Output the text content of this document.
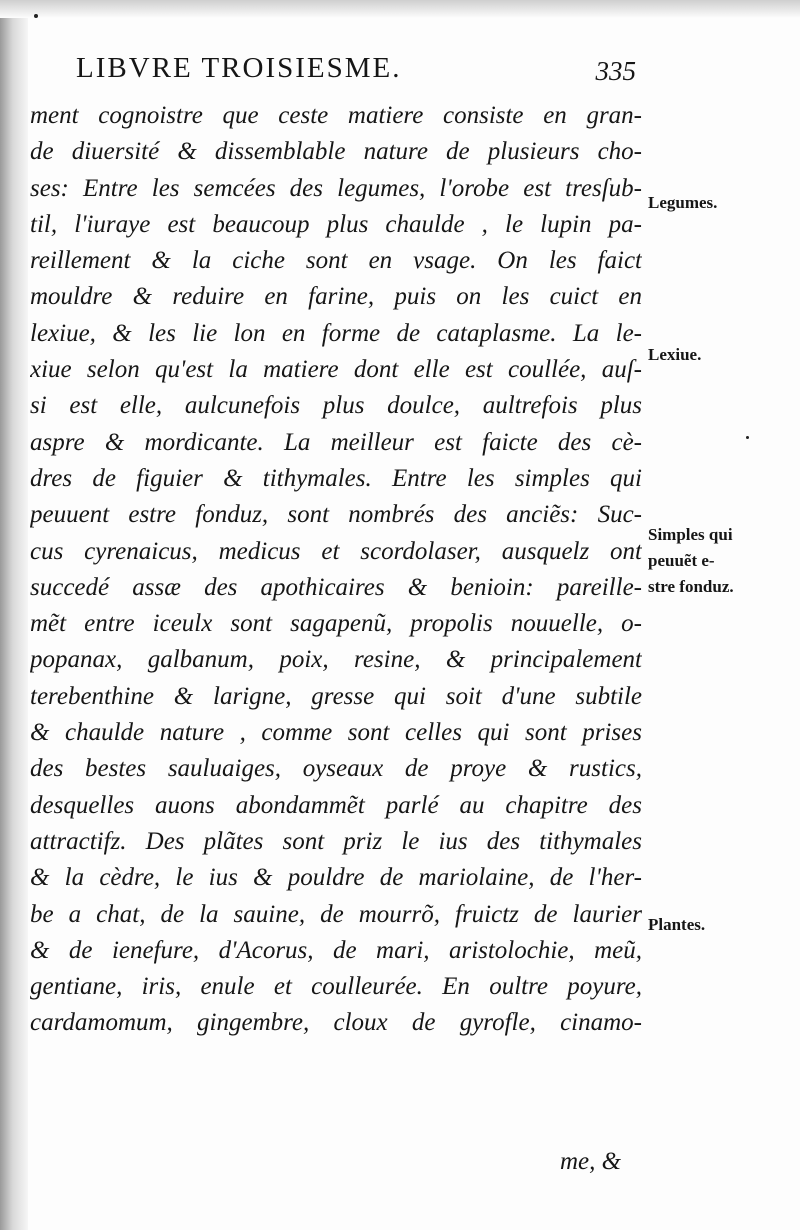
LIBVRE TROISIESME.	335
ment cognoistre que ceste matiere consiste en gran-
de diuersité & dissemblable nature de plusieurs cho-
ses: Entre les semcées des legumes, l'orobe est tresſub-
til, l'iuraye est beaucoup plus chaulde , le lupin pa-
reillement & la ciche sont en vsage. On les faict
mouldre & reduire en farine, puis on les cuict en
lexiue, & les lie lon en forme de cataplasme. La le-
xiue selon qu'est la matiere dont elle est coullée, auſ-
si est elle, aulcunefois plus doulce, aultrefois plus
aspre & mordicante. La meilleur est faicte des cè-
dres de figuier & tithymales. Entre les simples qui
peuuent estre fonduz, sont nombrés des anciẽs: Suc-
cus cyrenaicus, medicus et scordolaser, ausquelz ont
succedé assæ des apothicaires & benioin: pareille-
mẽt entre iceulx sont sagapenũ, propolis nouuelle, o-
popanax, galbanum, poix, resine, & principalement
terebenthine & larigne, gresse qui soit d'une subtile
& chaulde nature , comme sont celles qui sont prises
des bestes sauluaiges, oyseaux de proye & rustics,
desquelles auons abondammẽt parlé au chapitre des
attractifz. Des plãtes sont priz le ius des tithymales
& la cèdre, le ius & pouldre de mariolaine, de l'her-
be a chat, de la sauine, de mourrõ, fruictz de laurier
& de ienefure, d'Acorus, de mari, aristolochie, meũ,
gentiane, iris, enule et coulleurée. En oultre poyure,
cardamomum, gingembre, cloux de gyrofle, cinamo-
me, &
Legumes.
Lexiue.
Simples qui
peuuẽt e-
stre fonduz.
Plantes.
